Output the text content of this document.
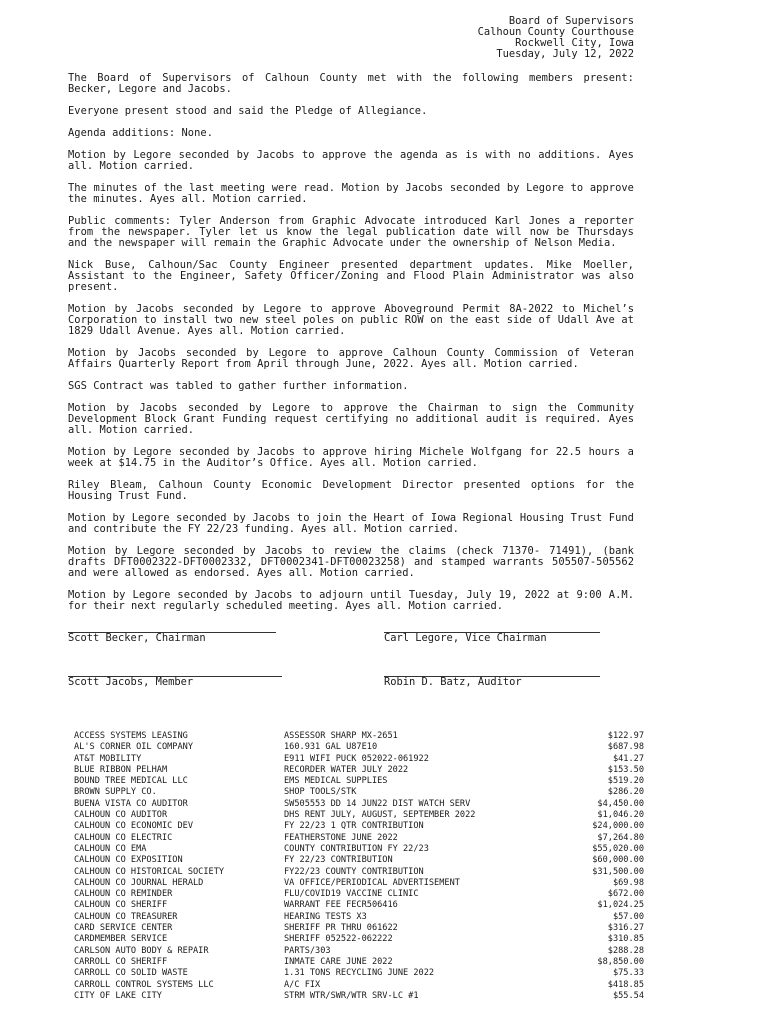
Board of Supervisors
Calhoun County Courthouse
Rockwell City, Iowa
Tuesday, July 12, 2022
The Board of Supervisors of Calhoun County met with the following members present: Becker, Legore and Jacobs.
Everyone present stood and said the Pledge of Allegiance.
Agenda additions: None.
Motion by Legore seconded by Jacobs to approve the agenda as is with no additions. Ayes all. Motion carried.
The minutes of the last meeting were read. Motion by Jacobs seconded by Legore to approve the minutes. Ayes all. Motion carried.
Public comments: Tyler Anderson from Graphic Advocate introduced Karl Jones a reporter from the newspaper. Tyler let us know the legal publication date will now be Thursdays and the newspaper will remain the Graphic Advocate under the ownership of Nelson Media.
Nick Buse, Calhoun/Sac County Engineer presented department updates. Mike Moeller, Assistant to the Engineer, Safety Officer/Zoning and Flood Plain Administrator was also present.
Motion by Jacobs seconded by Legore to approve Aboveground Permit 8A-2022 to Michel’s Corporation to install two new steel poles on public ROW on the east side of Udall Ave at 1829 Udall Avenue. Ayes all. Motion carried.
Motion by Jacobs seconded by Legore to approve Calhoun County Commission of Veteran Affairs Quarterly Report from April through June, 2022. Ayes all. Motion carried.
SGS Contract was tabled to gather further information.
Motion by Jacobs seconded by Legore to approve the Chairman to sign the Community Development Block Grant Funding request certifying no additional audit is required. Ayes all. Motion carried.
Motion by Legore seconded by Jacobs to approve hiring Michele Wolfgang for 22.5 hours a week at $14.75 in the Auditor’s Office. Ayes all. Motion carried.
Riley Bleam, Calhoun County Economic Development Director presented options for the Housing Trust Fund.
Motion by Legore seconded by Jacobs to join the Heart of Iowa Regional Housing Trust Fund and contribute the FY 22/23 funding. Ayes all. Motion carried.
Motion by Legore seconded by Jacobs to review the claims (check 71370- 71491), (bank drafts DFT0002322-DFT0002332, DFT0002341-DFT00023258) and stamped warrants 505507-505562 and were allowed as endorsed. Ayes all. Motion carried.
Motion by Legore seconded by Jacobs to adjourn until Tuesday, July 19, 2022 at 9:00 A.M. for their next regularly scheduled meeting. Ayes all. Motion carried.
Scott Becker, Chairman	Carl Legore, Vice Chairman
Scott Jacobs, Member	Robin D. Batz, Auditor
ACCESS SYSTEMS LEASING	ASSESSOR SHARP MX-2651	$122.97
AL'S CORNER OIL COMPANY	160.931 GAL U87E10	$687.98
AT&T MOBILITY	E911 WIFI PUCK 052022-061922	$41.27
BLUE RIBBON PELHAM	RECORDER WATER JULY 2022	$153.50
BOUND TREE MEDICAL LLC	EMS MEDICAL SUPPLIES	$519.20
BROWN SUPPLY CO.	SHOP TOOLS/STK	$286.20
BUENA VISTA CO AUDITOR	SW505553 DD 14 JUN22 DIST WATCH SERV	$4,450.00
CALHOUN CO AUDITOR	DHS RENT JULY, AUGUST, SEPTEMBER 2022	$1,046.20
CALHOUN CO ECONOMIC DEV	FY 22/23 1 QTR CONTRIBUTION	$24,000.00
CALHOUN CO ELECTRIC	FEATHERSTONE JUNE 2022	$7,264.80
CALHOUN CO EMA	COUNTY CONTRIBUTION FY 22/23	$55,020.00
CALHOUN CO EXPOSITION	FY 22/23 CONTRIBUTION	$60,000.00
CALHOUN CO HISTORICAL SOCIETY	FY22/23 COUNTY CONTRIBUTION	$31,500.00
CALHOUN CO JOURNAL HERALD	VA OFFICE/PERIODICAL ADVERTISEMENT	$69.98
CALHOUN CO REMINDER	FLU/COVID19 VACCINE CLINIC	$672.00
CALHOUN CO SHERIFF	WARRANT FEE FECR506416	$1,024.25
CALHOUN CO TREASURER	HEARING TESTS X3	$57.00
CARD SERVICE CENTER	SHERIFF PR THRU 061622	$316.27
CARDMEMBER SERVICE	SHERIFF 052522-062222	$310.85
CARLSON AUTO BODY & REPAIR	PARTS/303	$288.28
CARROLL CO SHERIFF	INMATE CARE JUNE 2022	$8,850.00
CARROLL CO SOLID WASTE	1.31 TONS RECYCLING JUNE 2022	$75.33
CARROLL CONTROL SYSTEMS LLC	A/C FIX	$418.85
CITY OF LAKE CITY	STRM WTR/SWR/WTR SRV-LC #1	$55.54
